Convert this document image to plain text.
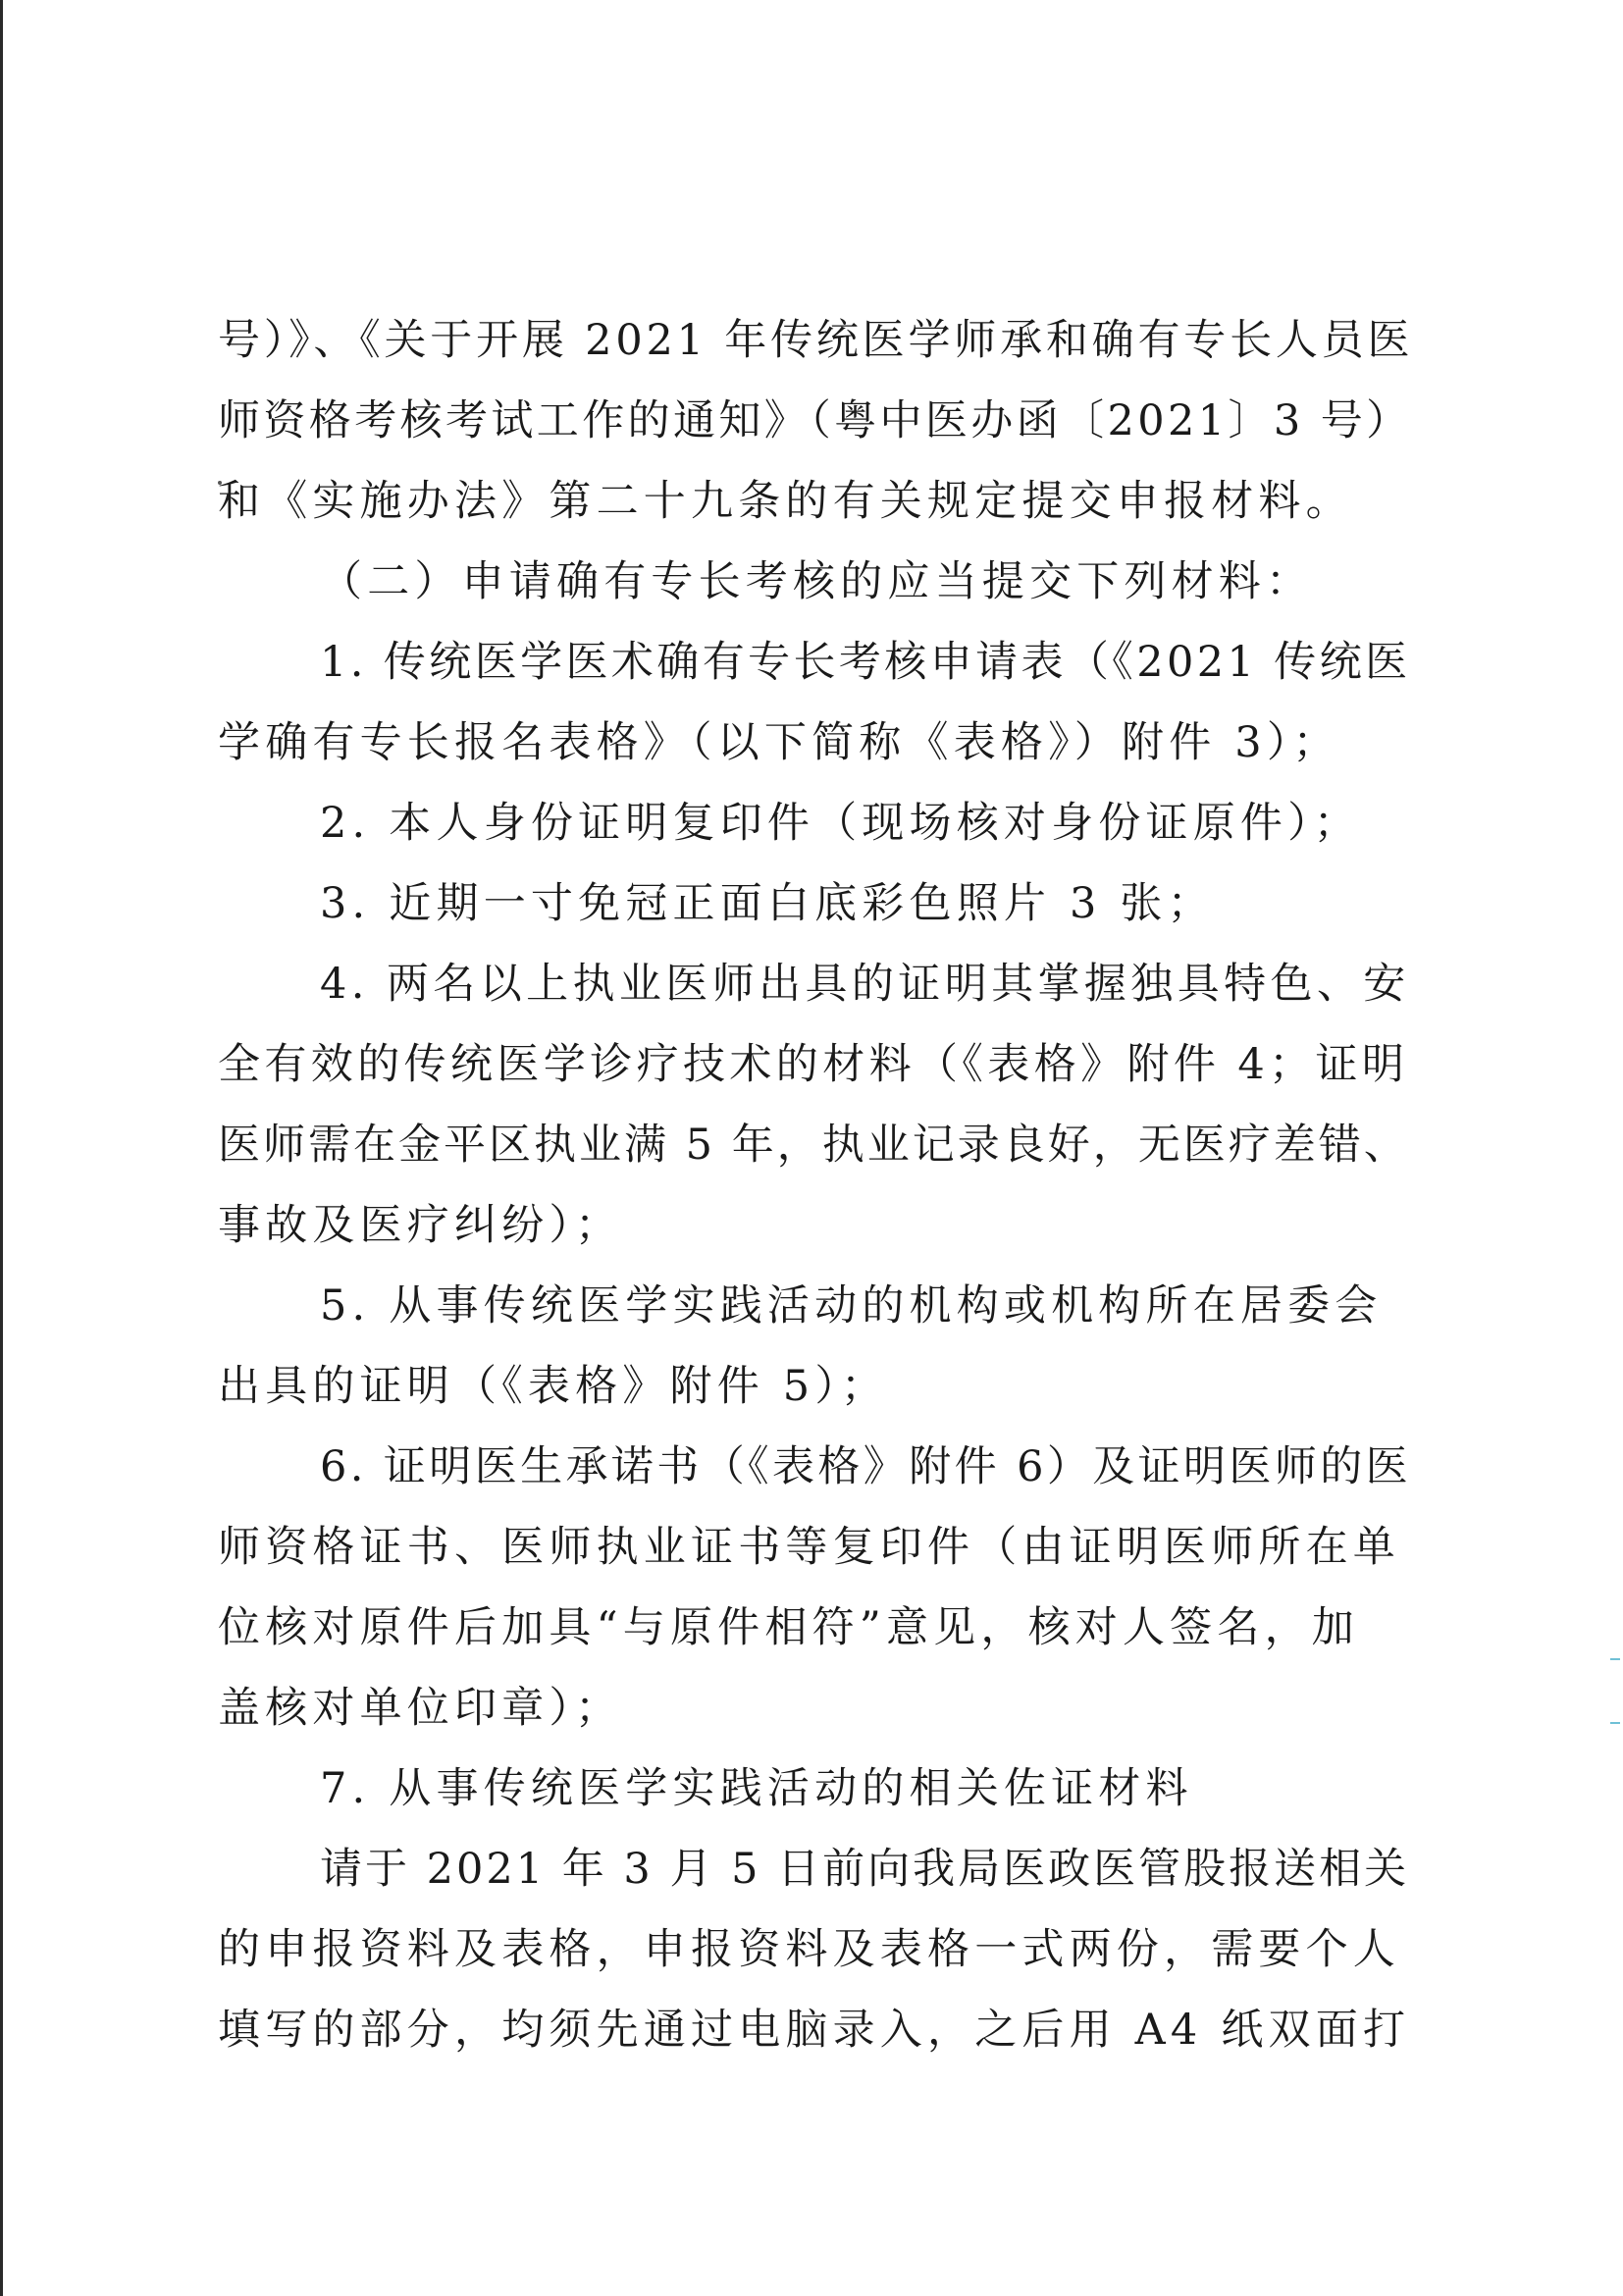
号）》、《关于开展 2021 年传统医学师承和确有专长人员医
师资格考核考试工作的通知》（粤中医办函〔2021〕3 号）
和《实施办法》第二十九条的有关规定提交申报材料。
（二）申请确有专长考核的应当提交下列材料：
1. 传统医学医术确有专长考核申请表（《2021 传统医
学确有专长报名表格》（以下简称《表格》）附件 3）；
2. 本人身份证明复印件（现场核对身份证原件）；
3. 近期一寸免冠正面白底彩色照片 3 张；
4. 两名以上执业医师出具的证明其掌握独具特色、安
全有效的传统医学诊疗技术的材料（《表格》附件 4；证明
医师需在金平区执业满 5 年，执业记录良好，无医疗差错、
事故及医疗纠纷）；
5. 从事传统医学实践活动的机构或机构所在居委会
出具的证明（《表格》附件 5）；
6. 证明医生承诺书（《表格》附件 6）及证明医师的医
师资格证书、医师执业证书等复印件（由证明医师所在单
位核对原件后加具“与原件相符”意见，核对人签名，加
盖核对单位印章）；
7. 从事传统医学实践活动的相关佐证材料
请于 2021 年 3 月 5 日前向我局医政医管股报送相关
的申报资料及表格，申报资料及表格一式两份，需要个人
填写的部分，均须先通过电脑录入，之后用 A4 纸双面打
